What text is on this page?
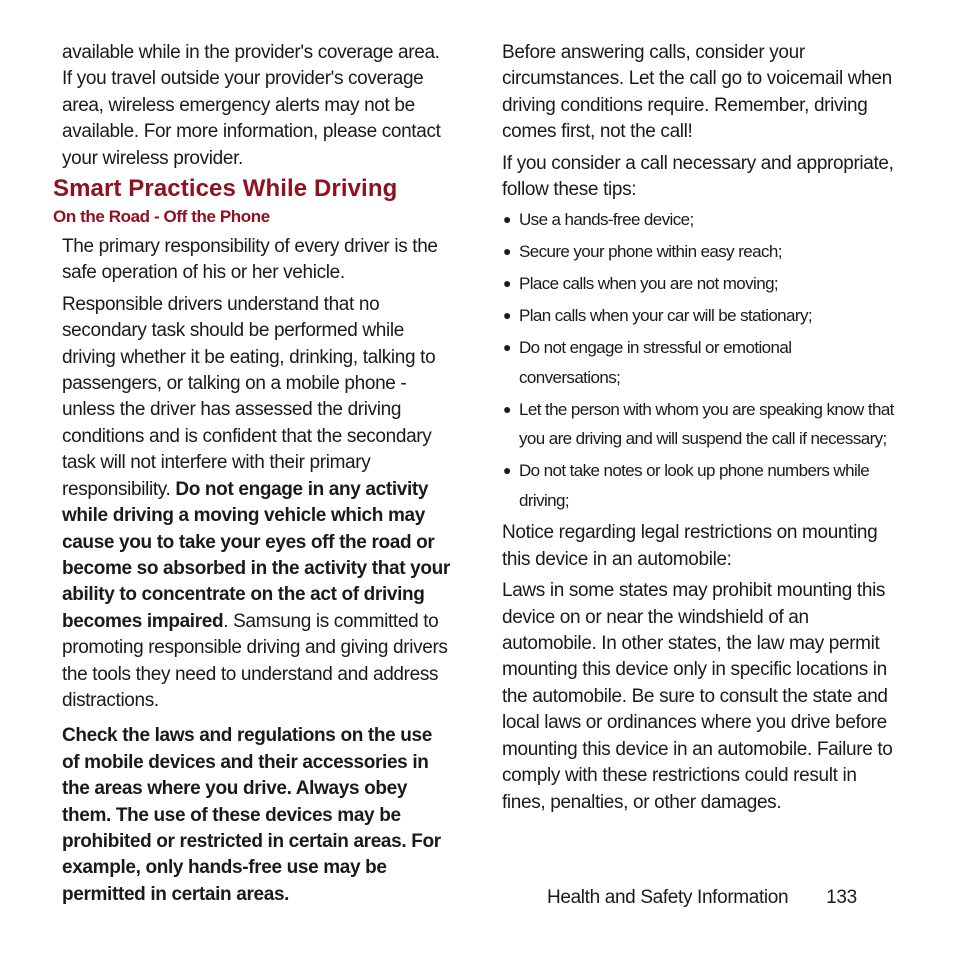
available while in the provider's coverage area. If you travel outside your provider's coverage area, wireless emergency alerts may not be available. For more information, please contact your wireless provider.

Smart Practices While Driving
On the Road - Off the Phone

The primary responsibility of every driver is the safe operation of his or her vehicle.

Responsible drivers understand that no secondary task should be performed while driving whether it be eating, drinking, talking to passengers, or talking on a mobile phone - unless the driver has assessed the driving conditions and is confident that the secondary task will not interfere with their primary responsibility. Do not engage in any activity while driving a moving vehicle which may cause you to take your eyes off the road or become so absorbed in the activity that your ability to concentrate on the act of driving becomes impaired. Samsung is committed to promoting responsible driving and giving drivers the tools they need to understand and address distractions.

Check the laws and regulations on the use of mobile devices and their accessories in the areas where you drive. Always obey them. The use of these devices may be prohibited or restricted in certain areas. For example, only hands-free use may be permitted in certain areas.

Before answering calls, consider your circumstances. Let the call go to voicemail when driving conditions require. Remember, driving comes first, not the call!

If you consider a call necessary and appropriate, follow these tips:

● Use a hands-free device;
● Secure your phone within easy reach;
● Place calls when you are not moving;
● Plan calls when your car will be stationary;
● Do not engage in stressful or emotional conversations;
● Let the person with whom you are speaking know that you are driving and will suspend the call if necessary;
● Do not take notes or look up phone numbers while driving;

Notice regarding legal restrictions on mounting this device in an automobile:

Laws in some states may prohibit mounting this device on or near the windshield of an automobile. In other states, the law may permit mounting this device only in specific locations in the automobile. Be sure to consult the state and local laws or ordinances where you drive before mounting this device in an automobile. Failure to comply with these restrictions could result in fines, penalties, or other damages.

Health and Safety Information 133
